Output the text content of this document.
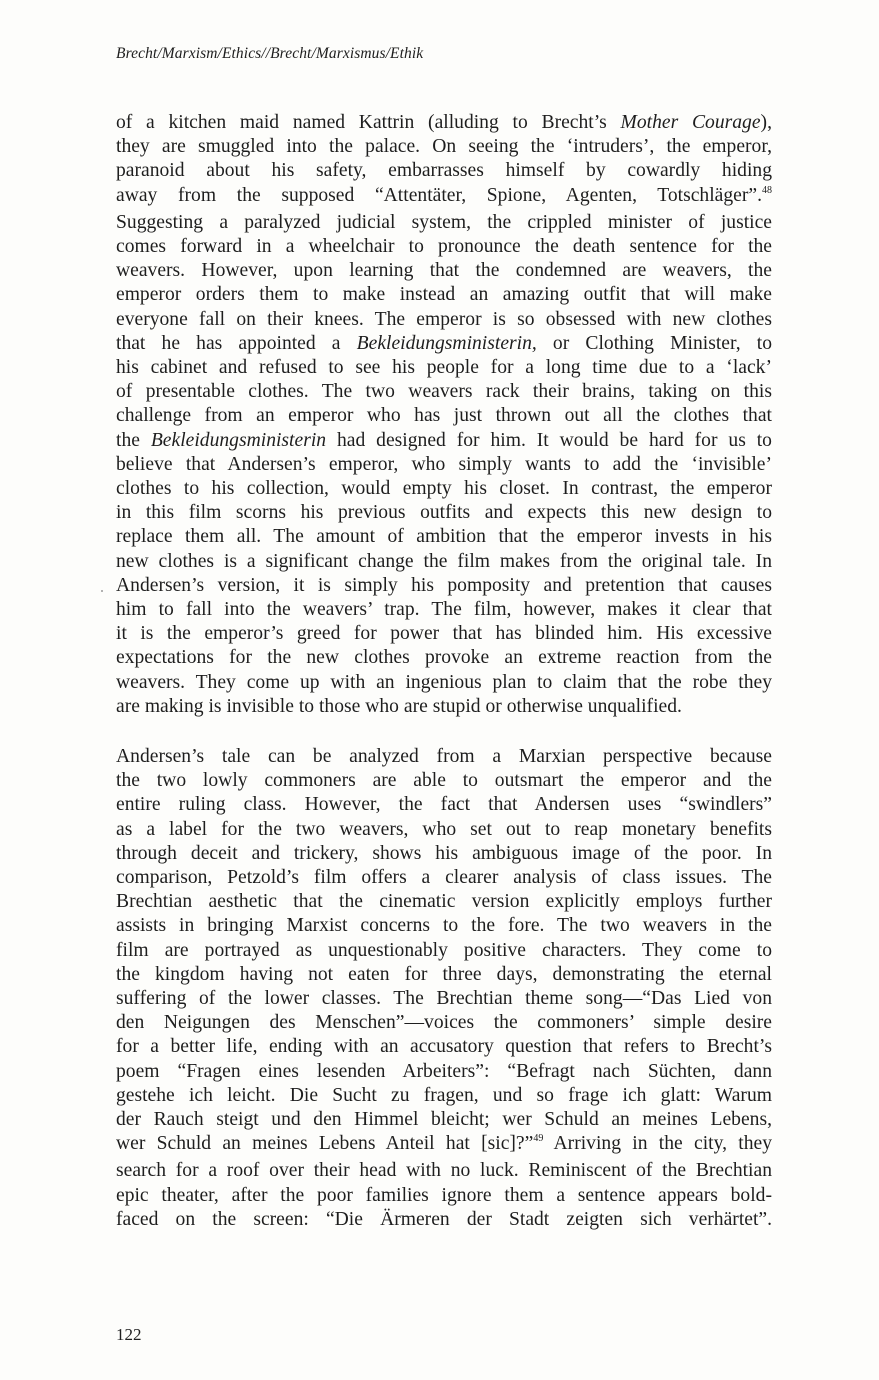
Brecht/Marxism/Ethics//Brecht/Marxismus/Ethik
of a kitchen maid named Kattrin (alluding to Brecht’s Mother Courage),
they are smuggled into the palace. On seeing the ‘intruders’, the emperor,
paranoid about his safety, embarrasses himself by cowardly hiding
away from the supposed “Attentäter, Spione, Agenten, Totschläger”.$^{48}$
Suggesting a paralyzed judicial system, the crippled minister of justice
comes forward in a wheelchair to pronounce the death sentence for the
weavers. However, upon learning that the condemned are weavers, the
emperor orders them to make instead an amazing outfit that will make
everyone fall on their knees. The emperor is so obsessed with new clothes
that he has appointed a Bekleidungsministerin, or Clothing Minister, to
his cabinet and refused to see his people for a long time due to a ‘lack’
of presentable clothes. The two weavers rack their brains, taking on this
challenge from an emperor who has just thrown out all the clothes that
the Bekleidungsministerin had designed for him. It would be hard for us to
believe that Andersen’s emperor, who simply wants to add the ‘invisible’
clothes to his collection, would empty his closet. In contrast, the emperor
in this film scorns his previous outfits and expects this new design to
replace them all. The amount of ambition that the emperor invests in his
new clothes is a significant change the film makes from the original tale. In
Andersen’s version, it is simply his pomposity and pretention that causes
him to fall into the weavers’ trap. The film, however, makes it clear that
it is the emperor’s greed for power that has blinded him. His excessive
expectations for the new clothes provoke an extreme reaction from the
weavers. They come up with an ingenious plan to claim that the robe they
are making is invisible to those who are stupid or otherwise unqualified.
Andersen’s tale can be analyzed from a Marxian perspective because
the two lowly commoners are able to outsmart the emperor and the
entire ruling class. However, the fact that Andersen uses “swindlers”
as a label for the two weavers, who set out to reap monetary benefits
through deceit and trickery, shows his ambiguous image of the poor. In
comparison, Petzold’s film offers a clearer analysis of class issues. The
Brechtian aesthetic that the cinematic version explicitly employs further
assists in bringing Marxist concerns to the fore. The two weavers in the
film are portrayed as unquestionably positive characters. They come to
the kingdom having not eaten for three days, demonstrating the eternal
suffering of the lower classes. The Brechtian theme song—“Das Lied von
den Neigungen des Menschen”—voices the commoners’ simple desire
for a better life, ending with an accusatory question that refers to Brecht’s
poem “Fragen eines lesenden Arbeiters”: “Befragt nach Süchten, dann
gestehe ich leicht. Die Sucht zu fragen, und so frage ich glatt: Warum
der Rauch steigt und den Himmel bleicht; wer Schuld an meines Lebens,
wer Schuld an meines Lebens Anteil hat [sic]?”$^{49}$ Arriving in the city, they
search for a roof over their head with no luck. Reminiscent of the Brechtian
epic theater, after the poor families ignore them a sentence appears bold-
faced on the screen: “Die Ärmeren der Stadt zeigten sich verhärtet”.
122
